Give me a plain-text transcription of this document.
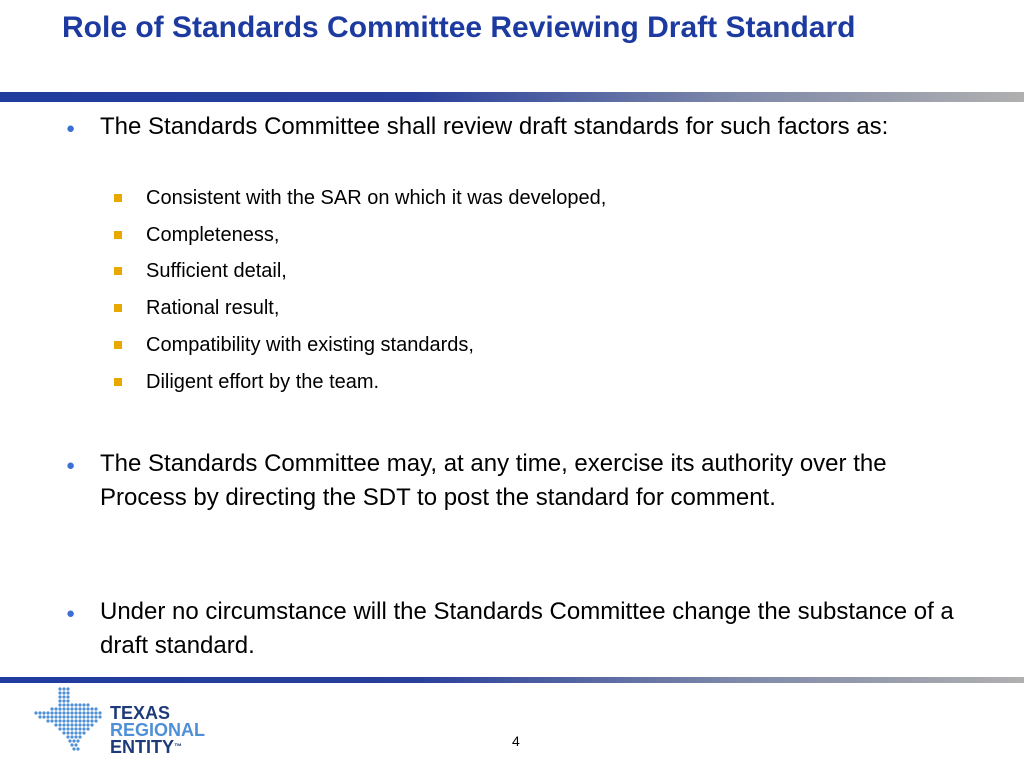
Role of Standards Committee Reviewing Draft Standard
● The Standards Committee shall review draft standards for such factors as:
Consistent with the SAR on which it was developed,
Completeness,
Sufficient detail,
Rational result,
Compatibility with existing standards,
Diligent effort by the team.
● The Standards Committee may, at any time, exercise its authority over the Process by directing the SDT to post the standard for comment.
● Under no circumstance will the Standards Committee change the substance of a draft standard.
TEXAS
REGIONAL
ENTITY™	4
